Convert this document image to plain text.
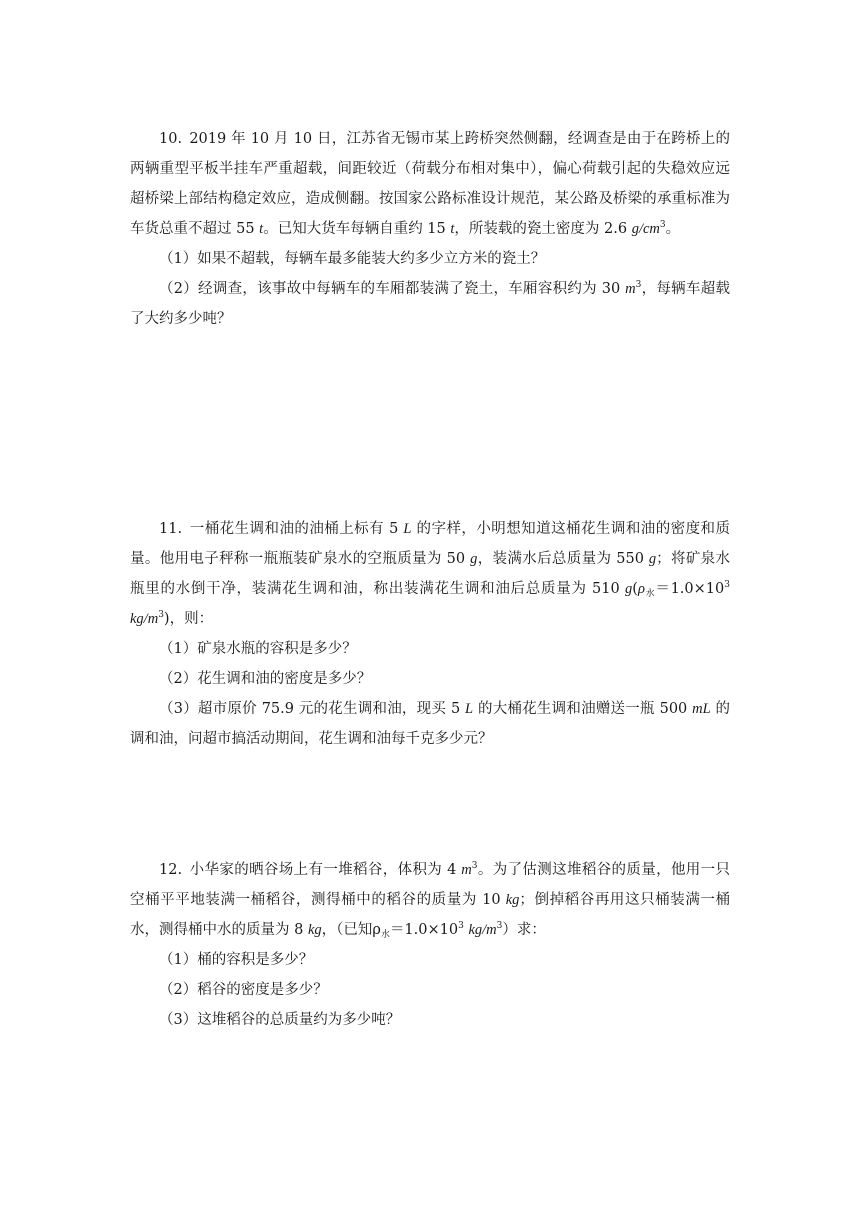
10.  2019 年 10 月 10 日，江苏省无锡市某上跨桥突然侧翻，经调查是由于在跨桥上的两辆重型平板半挂车严重超载，间距较近（荷载分布相对集中），偏心荷载引起的失稳效应远超桥梁上部结构稳定效应，造成侧翻。按国家公路标准设计规范，某公路及桥梁的承重标准为车货总重不超过 55 t。已知大货车每辆自重约 15 t，所装载的瓷土密度为 2.6 $g/cm^3$。

（1）如果不超载，每辆车最多能装大约多少立方米的瓷土？

（2）经调查，该事故中每辆车的车厢都装满了瓷土，车厢容积约为 30 $m^3$，每辆车超载了大约多少吨？

11.  一桶花生调和油的油桶上标有 5 L 的字样，小明想知道这桶花生调和油的密度和质量。他用电子秤称一瓶瓶装矿泉水的空瓶质量为 50 g，装满水后总质量为 550 g；将矿泉水瓶里的水倒干净，装满花生调和油，称出装满花生调和油后总质量为 510 $g(\rho_水=1.0\times 10^3$ $kg/m^3$)，则：

（1）矿泉水瓶的容积是多少？

（2）花生调和油的密度是多少？

（3）超市原价 75.9 元的花生调和油，现买 5 L 的大桶花生调和油赠送一瓶 500 mL 的调和油，问超市搞活动期间，花生调和油每千克多少元？

12.  小华家的晒谷场上有一堆稻谷，体积为 4 $m^3$。为了估测这堆稻谷的质量，他用一只空桶平平地装满一桶稻谷，测得桶中的稻谷的质量为 10 kg；倒掉稻谷再用这只桶装满一桶水，测得桶中水的质量为 8 kg，（已知$\rho_水=1.0\times 10^3$ $kg/m^3$）求：

（1）桶的容积是多少？

（2）稻谷的密度是多少？

（3）这堆稻谷的总质量约为多少吨？
